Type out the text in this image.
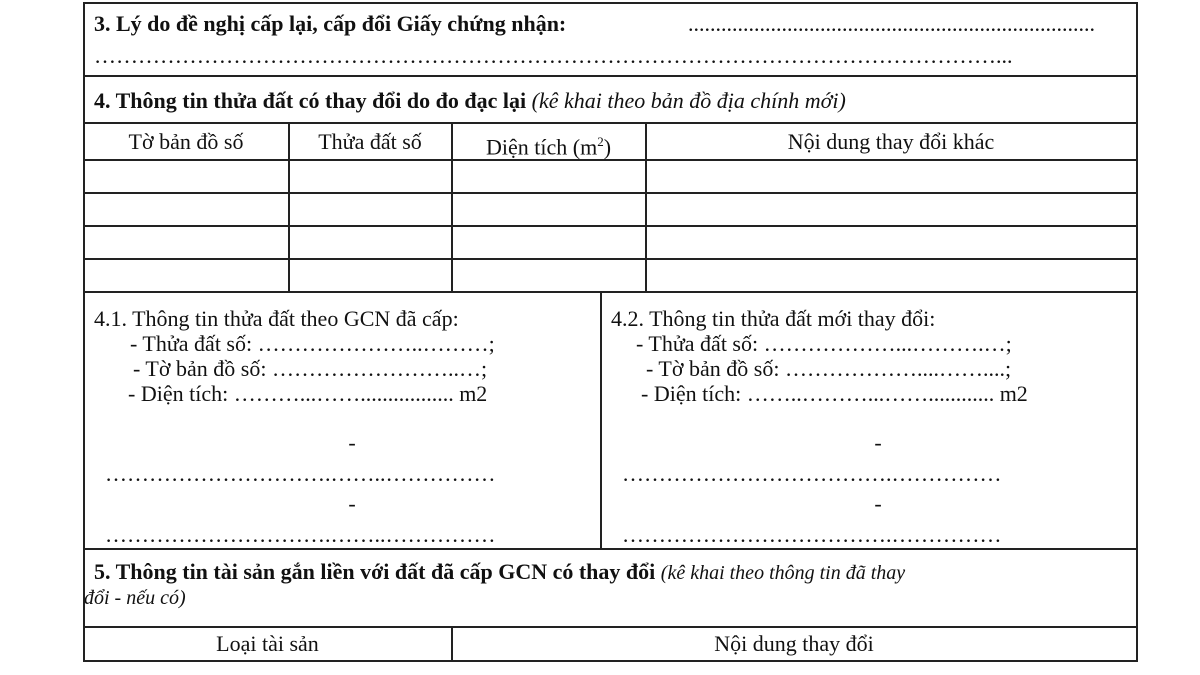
3. Lý do đề nghị cấp lại, cấp đổi Giấy chứng nhận:	..........................................................................
……………………………………………………………………………………………………………...
4. Thông tin thửa đất có thay đổi do đo đạc lại (kê khai theo bản đồ địa chính mới)
Tờ bản đồ số	Thửa đất số	Diện tích $(m^2)$	Nội dung thay đổi khác
4.1. Thông tin thửa đất theo GCN đã cấp:
- Thửa đất số: …………………..………;
- Tờ bản đồ số: ……………………..…;
- Diện tích: ………...……................. m2
-
………………………….……..……………
-
………………………….……..……………
4.2. Thông tin thửa đất mới thay đổi:
- Thửa đất số: ………………...……….…;
- Tờ bản đồ số: ………………....……....;
- Diện tích: ……..………...……............ m2
-
……………………………….……………
-
……………………………….……………
5. Thông tin tài sản gắn liền với đất đã cấp GCN có thay đổi (kê khai theo thông tin đã thay
đổi - nếu có)
Loại tài sản	Nội dung thay đổi
